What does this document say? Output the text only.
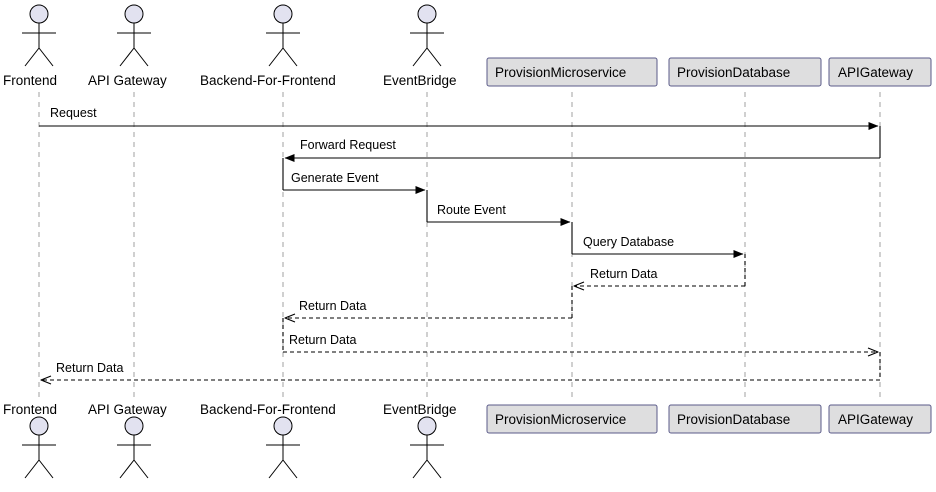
Frontend API Gateway Backend-For-Frontend	EventBridge
ProvisionMicroservice	ProvisionDatabase	APIGateway
Frontend API Gateway Backend-For-Frontend	EventBridge
ProvisionMicroservice	ProvisionDatabase	APIGateway
Request
Forward Request
Generate Event
Route Event
Query Database
Return Data
Return Data
Return Data
Return Data
